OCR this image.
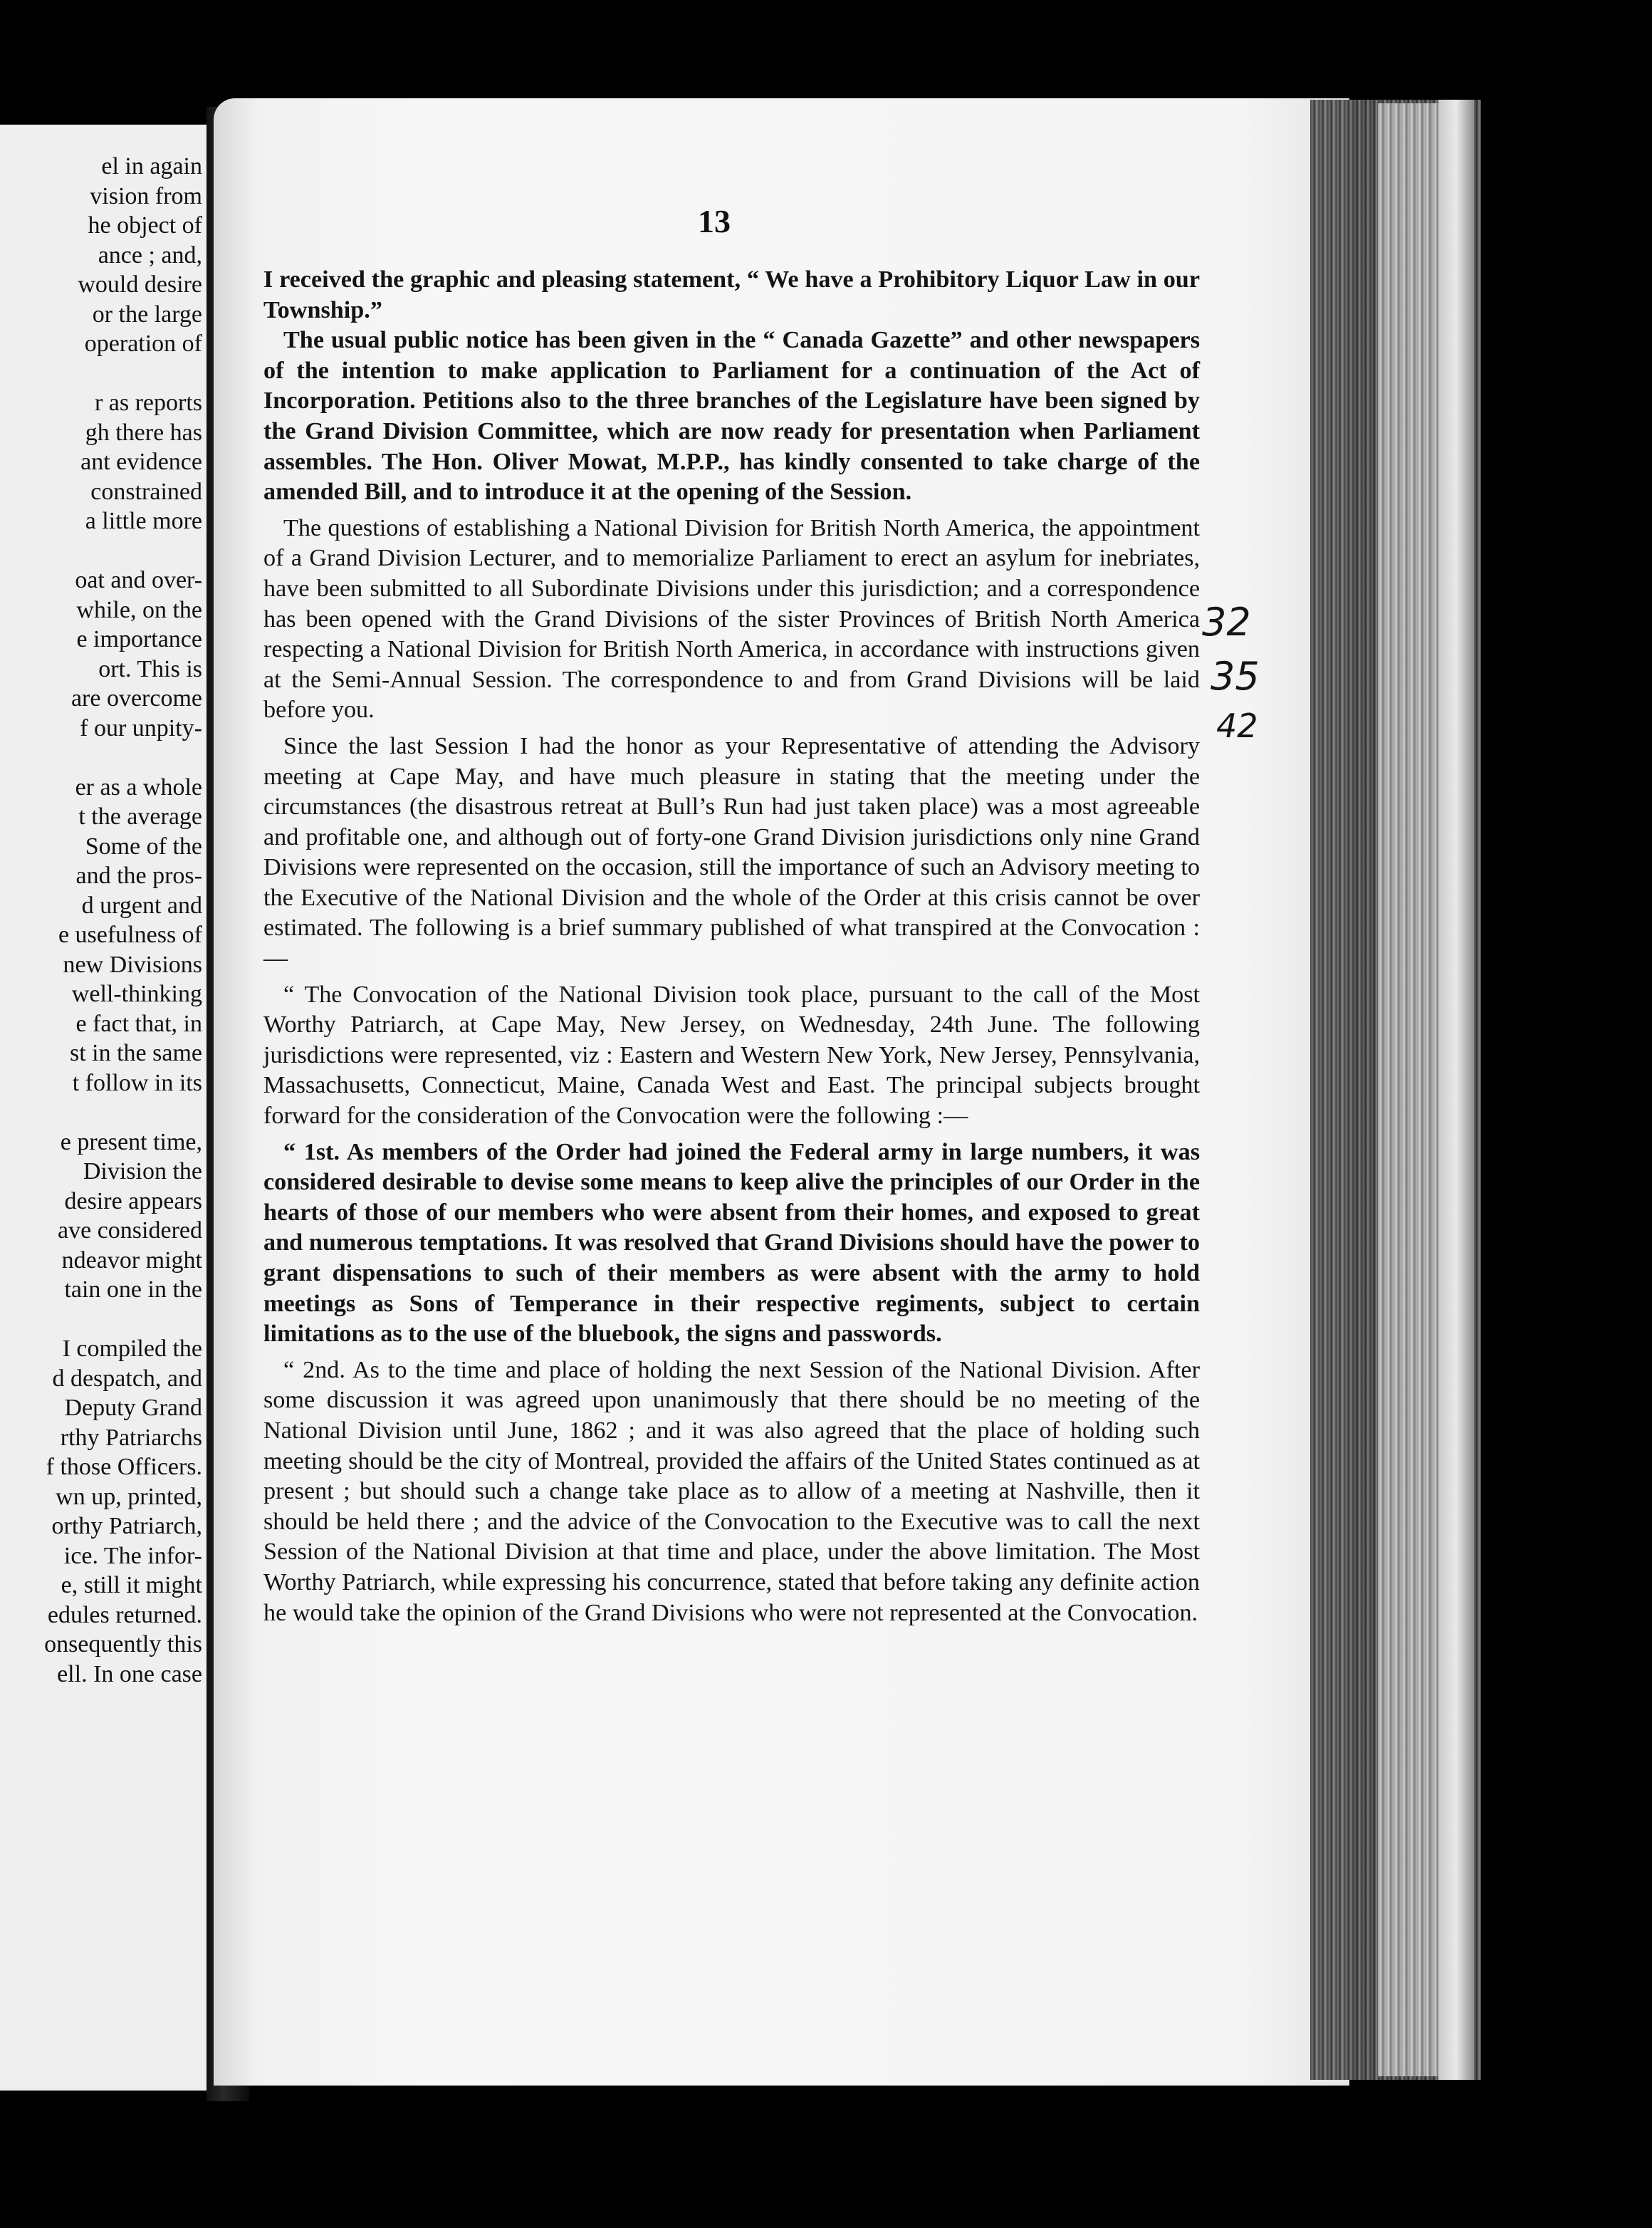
el in again
vision from
he object of
ance ; and,
would desire
or the large
operation of
r as reports
gh there has
ant evidence
constrained
a little more
oat and over-
while, on the
e importance
ort. This is
are overcome
f our unpity-
er as a whole
t the average
Some of the
and the pros-
d urgent and
e usefulness of
new Divisions
well-thinking
e fact that, in
st in the same
t follow in its
e present time,
Division the
desire appears
ave considered
ndeavor might
tain one in the
I compiled the
d despatch, and
Deputy Grand
rthy Patriarchs
f those Officers.
wn up, printed,
orthy Patriarch,
ice. The infor-
e, still it might
edules returned.
onsequently this
ell. In one case
13

I received the graphic and pleasing statement, “ We have a Prohibitory Liquor Law in our Township.”

The usual public notice has been given in the “ Canada Gazette” and other newspapers of the intention to make application to Parliament for a continuation of the Act of Incorporation. Petitions also to the three branches of the Legislature have been signed by the Grand Division Committee, which are now ready for presentation when Parliament assembles. The Hon. Oliver Mowat, M.P.P., has kindly consented to take charge of the amended Bill, and to introduce it at the opening of the Session.

The questions of establishing a National Division for British North America, the appointment of a Grand Division Lecturer, and to memorialize Parliament to erect an asylum for inebriates, have been submitted to all Subordinate Divisions under this jurisdiction; and a correspondence has been opened with the Grand Divisions of the sister Provinces of British North America respecting a National Division for British North America, in accordance with instructions given at the Semi-Annual Session. The correspondence to and from Grand Divisions will be laid before you.

Since the last Session I had the honor as your Representative of attending the Advisory meeting at Cape May, and have much pleasure in stating that the meeting under the circumstances (the disastrous retreat at Bull’s Run had just taken place) was a most agreeable and profitable one, and although out of forty-one Grand Division jurisdictions only nine Grand Divisions were represented on the occasion, still the importance of such an Advisory meeting to the Executive of the National Division and the whole of the Order at this crisis cannot be over estimated. The following is a brief summary published of what transpired at the Convocation :—

“ The Convocation of the National Division took place, pursuant to the call of the Most Worthy Patriarch, at Cape May, New Jersey, on Wednesday, 24th June. The following jurisdictions were represented, viz : Eastern and Western New York, New Jersey, Pennsylvania, Massachusetts, Connecticut, Maine, Canada West and East. The principal subjects brought forward for the consideration of the Convocation were the following :—

“ 1st. As members of the Order had joined the Federal army in large numbers, it was considered desirable to devise some means to keep alive the principles of our Order in the hearts of those of our members who were absent from their homes, and exposed to great and numerous temptations. It was resolved that Grand Divisions should have the power to grant dispensations to such of their members as were absent with the army to hold meetings as Sons of Temperance in their respective regiments, subject to certain limitations as to the use of the bluebook, the signs and passwords.

“ 2nd. As to the time and place of holding the next Session of the National Division. After some discussion it was agreed upon unanimously that there should be no meeting of the National Division until June, 1862 ; and it was also agreed that the place of holding such meeting should be the city of Montreal, provided the affairs of the United States continued as at present ; but should such a change take place as to allow of a meeting at Nashville, then it should be held there ; and the advice of the Convocation to the Executive was to call the next Session of the National Division at that time and place, under the above limitation. The Most Worthy Patriarch, while expressing his concurrence, stated that before taking any definite action he would take the opinion of the Grand Divisions who were not represented at the Convocation.

32
35
42
